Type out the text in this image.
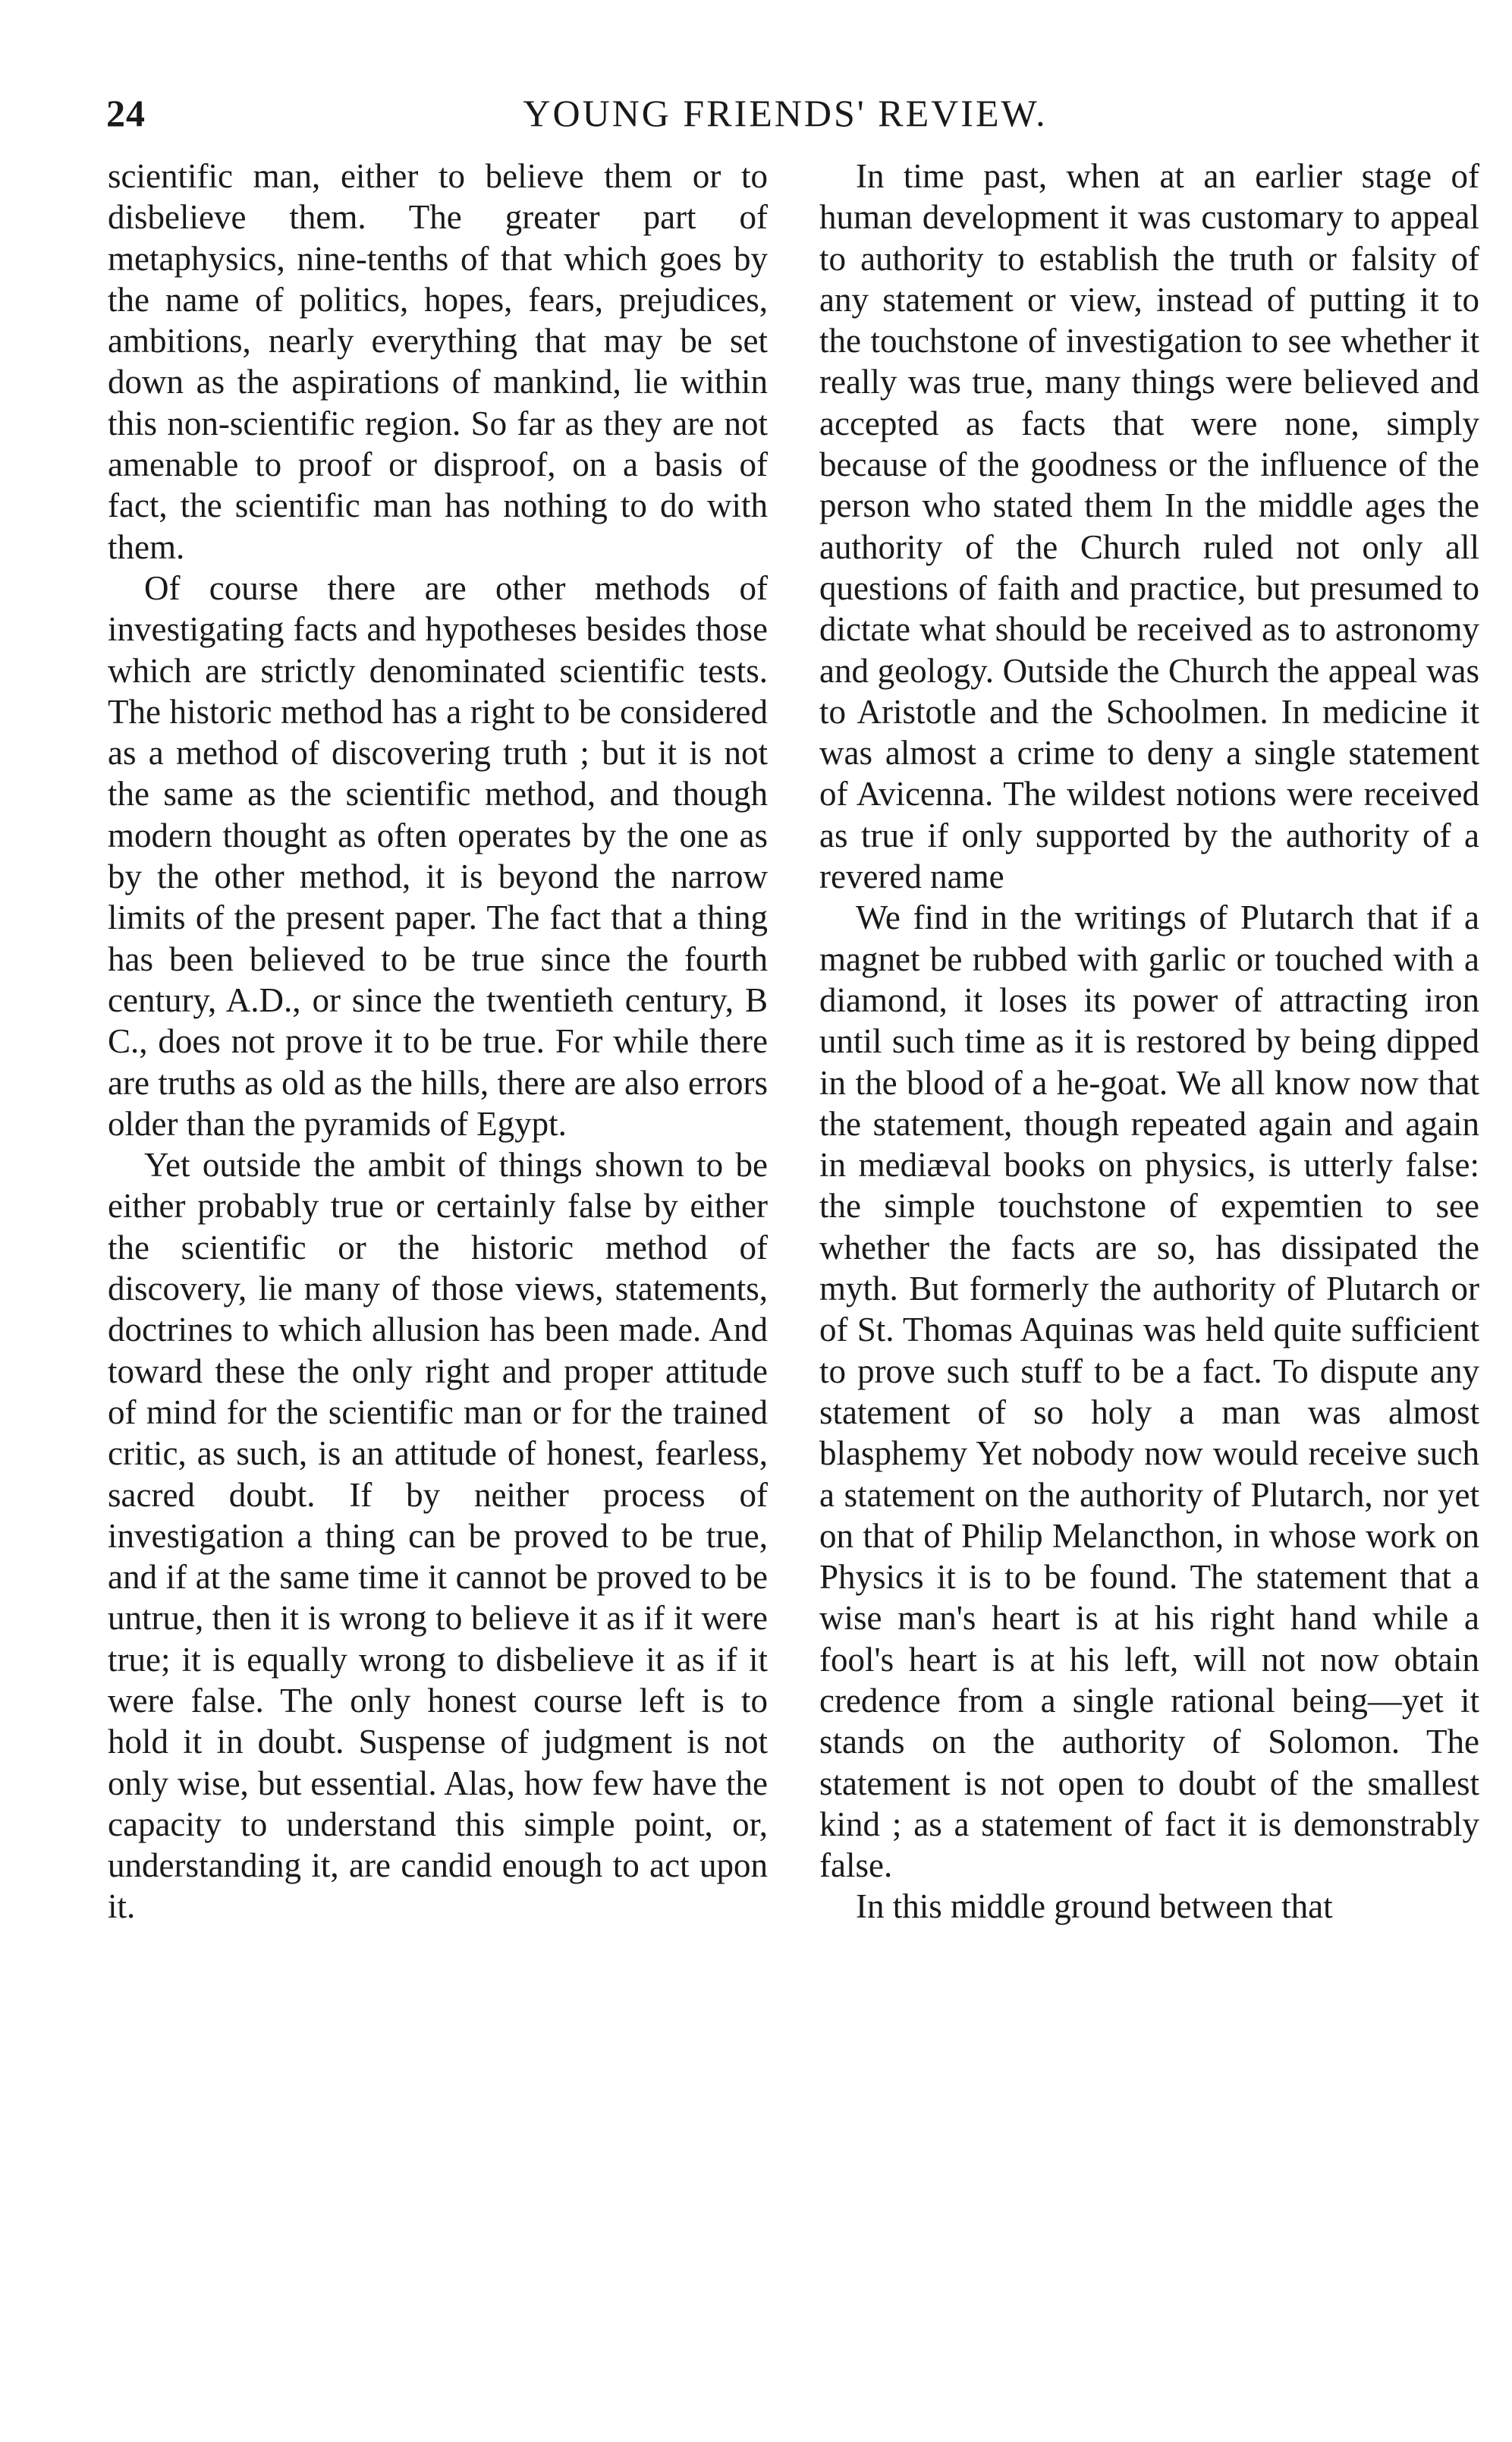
24	YOUNG FRIENDS' REVIEW.

scientific man, either to believe them or to disbelieve them. The greater part of metaphysics, nine-tenths of that which goes by the name of politics, hopes, fears, prejudices, ambitions, nearly everything that may be set down as the aspirations of mankind, lie within this non-scientific region. So far as they are not amenable to proof or disproof, on a basis of fact, the scientific man has nothing to do with them.

Of course there are other methods of investigating facts and hypotheses besides those which are strictly denominated scientific tests. The historic method has a right to be considered as a method of discovering truth ; but it is not the same as the scientific method, and though modern thought as often operates by the one as by the other method, it is beyond the narrow limits of the present paper. The fact that a thing has been believed to be true since the fourth century, A.D., or since the twentieth century, B C., does not prove it to be true. For while there are truths as old as the hills, there are also errors older than the pyramids of Egypt.

Yet outside the ambit of things shown to be either probably true or certainly false by either the scientific or the historic method of discovery, lie many of those views, statements, doctrines to which allusion has been made. And toward these the only right and proper attitude of mind for the scientific man or for the trained critic, as such, is an attitude of honest, fearless, sacred doubt. If by neither process of investigation a thing can be proved to be true, and if at the same time it cannot be proved to be untrue, then it is wrong to believe it as if it were true; it is equally wrong to disbelieve it as if it were false. The only honest course left is to hold it in doubt. Suspense of judgment is not only wise, but essential. Alas, how few have the capacity to understand this simple point, or, understanding it, are candid enough to act upon it.

In time past, when at an earlier stage of human development it was customary to appeal to authority to establish the truth or falsity of any statement or view, instead of putting it to the touchstone of investigation to see whether it really was true, many things were believed and accepted as facts that were none, simply because of the goodness or the influence of the person who stated them In the middle ages the authority of the Church ruled not only all questions of faith and practice, but presumed to dictate what should be received as to astronomy and geology. Outside the Church the appeal was to Aristotle and the Schoolmen. In medicine it was almost a crime to deny a single statement of Avicenna. The wildest notions were received as true if only supported by the authority of a revered name

We find in the writings of Plutarch that if a magnet be rubbed with garlic or touched with a diamond, it loses its power of attracting iron until such time as it is restored by being dipped in the blood of a he-goat. We all know now that the statement, though repeated again and again in mediæval books on physics, is utterly false: the simple touchstone of expemtien to see whether the facts are so, has dissipated the myth. But formerly the authority of Plutarch or of St. Thomas Aquinas was held quite sufficient to prove such stuff to be a fact. To dispute any statement of so holy a man was almost blasphemy Yet nobody now would receive such a statement on the authority of Plutarch, nor yet on that of Philip Melancthon, in whose work on Physics it is to be found. The statement that a wise man's heart is at his right hand while a fool's heart is at his left, will not now obtain credence from a single rational being—yet it stands on the authority of Solomon. The statement is not open to doubt of the smallest kind ; as a statement of fact it is demonstrably false.

In this middle ground between that
